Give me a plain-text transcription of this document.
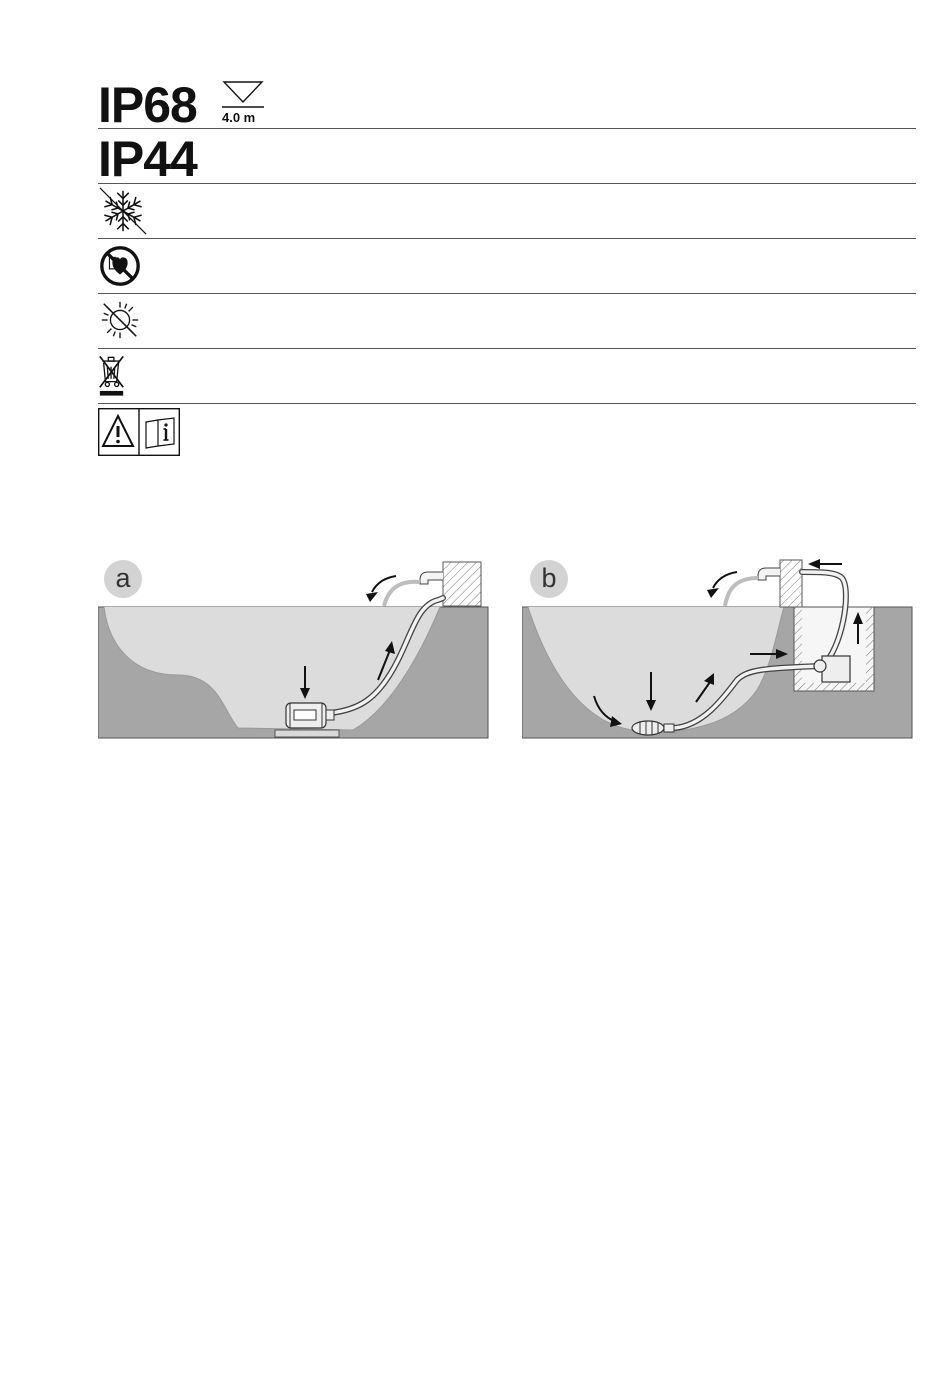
IP68 4.0 m
IP44
a	b
